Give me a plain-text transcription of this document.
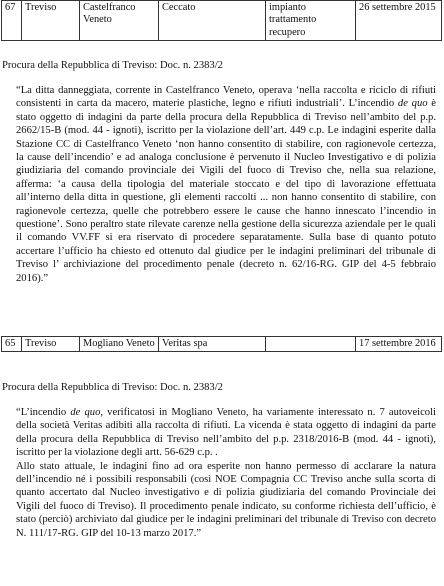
67	Treviso	Castelfranco Veneto	Ceccato	impianto trattamento recupero	26 settembre 2015
Procura della Repubblica di Treviso: Doc. n. 2383/2

“La ditta danneggiata, corrente in Castelfranco Veneto, operava ‘nella raccolta e riciclo di rifiuti consistenti in carta da macero, materie plastiche, legno e rifiuti industriali’. L’incendio de quo è stato oggetto di indagini da parte della procura della Repubblica di Treviso nell’ambito del p.p. 2662/15-B (mod. 44 - ignoti), iscritto per la violazione dell’art. 449 c.p. Le indagini esperite dalla Stazione CC di Castelfranco Veneto ‘non hanno consentito di stabilire, con ragionevole certezza, la cause dell’incendio’ e ad analoga conclusione è pervenuto il Nucleo Investigativo e di polizia giudiziaria del comando provinciale dei Vigili del fuoco di Treviso che, nella sua relazione, afferma: ‘a causa della tipologia del materiale stoccato e del tipo di lavorazione effettuata all’interno della ditta in questione, gli elementi raccolti ... non hanno consentito di stabilire, con ragionevole certezza, quelle che potrebbero essere le cause che hanno innescato l’incendio in questione’. Sono peraltro state rilevate carenze nella gestione della sicurezza aziendale per le quali il comando VV.FF si era riservato di procedere separatamente. Sulla base di quanto potuto accertare l’ufficio ha chiesto ed ottenuto dal giudice per le indagini preliminari del tribunale di Treviso l’ archiviazione del procedimento penale (decreto n. 62/16-RG. GIP del 4-5 febbraio 2016).”

65	Treviso	Mogliano Veneto	Veritas spa		17 settembre 2016
Procura della Repubblica di Treviso: Doc. n. 2383/2

“L’incendio de quo, verificatosi in Mogliano Veneto, ha variamente interessato n. 7 autoveicoli della società Veritas adibiti alla raccolta di rifiuti. La vicenda è stata oggetto di indagini da parte della procura della Repubblica di Treviso nell’ambito del p.p. 2318/2016-B (mod. 44 - ignoti), iscritto per la violazione degli artt. 56-629 c.p. .

Allo stato attuale, le indagini fino ad ora esperite non hanno permesso di acclarare la natura dell’incendio né i possibili responsabili (così NOE Compagnia CC Treviso anche sulla scorta di quanto accertato dal Nucleo investigativo e di polizia giudiziaria del comando Provinciale dei Vigili del fuoco di Treviso). Il procedimento penale indicato, su conforme richiesta dell’ufficio, è stato (perciò) archiviato dal giudice per le indagini preliminari del tribunale di Treviso con decreto N. 111/17-RG. GIP del 10-13 marzo 2017.”
